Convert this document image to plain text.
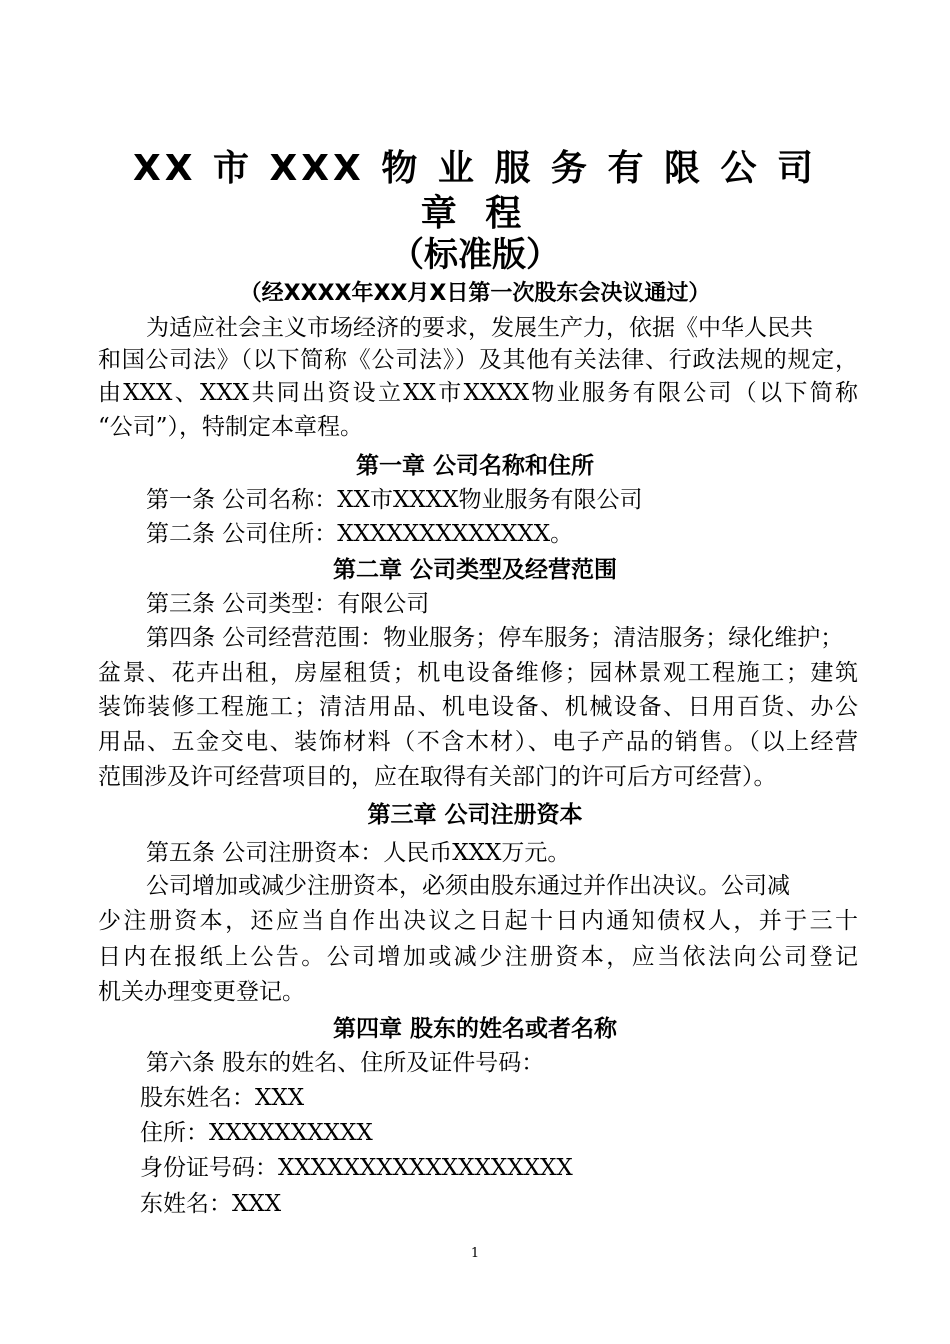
XX 市 XXX 物 业 服 务 有 限 公 司
章 程
（标准版）
（经XXXX年XX月X日第一次股东会决议通过）
为适应社会主义市场经济的要求，发展生产力，依据《中华人民共
和国公司法》（以下简称《公司法》）及其他有关法律、行政法规的规定，
由XXX、XXX共同出资设立XX市XXXX物业服务有限公司（以下简称
“公司”），特制定本章程。
第一章 公司名称和住所
第一条 公司名称：XX市XXXX物业服务有限公司
第二条 公司住所：XXXXXXXXXXXXX。
第二章 公司类型及经营范围
第三条 公司类型：有限公司
第四条 公司经营范围：物业服务；停车服务；清洁服务；绿化维护；
盆景、花卉出租，房屋租赁；机电设备维修；园林景观工程施工；建筑
装饰装修工程施工；清洁用品、机电设备、机械设备、日用百货、办公
用品、五金交电、装饰材料（不含木材）、电子产品的销售。（以上经营
范围涉及许可经营项目的，应在取得有关部门的许可后方可经营）。
第三章 公司注册资本
第五条 公司注册资本：人民币XXX万元。
公司增加或减少注册资本，必须由股东通过并作出决议。公司减
少注册资本，还应当自作出决议之日起十日内通知债权人，并于三十
日内在报纸上公告。公司增加或减少注册资本，应当依法向公司登记
机关办理变更登记。
第四章 股东的姓名或者名称
第六条 股东的姓名、住所及证件号码：
股东姓名：XXX
住所：XXXXXXXXXX
身份证号码：XXXXXXXXXXXXXXXXXX
东姓名：XXX
1
